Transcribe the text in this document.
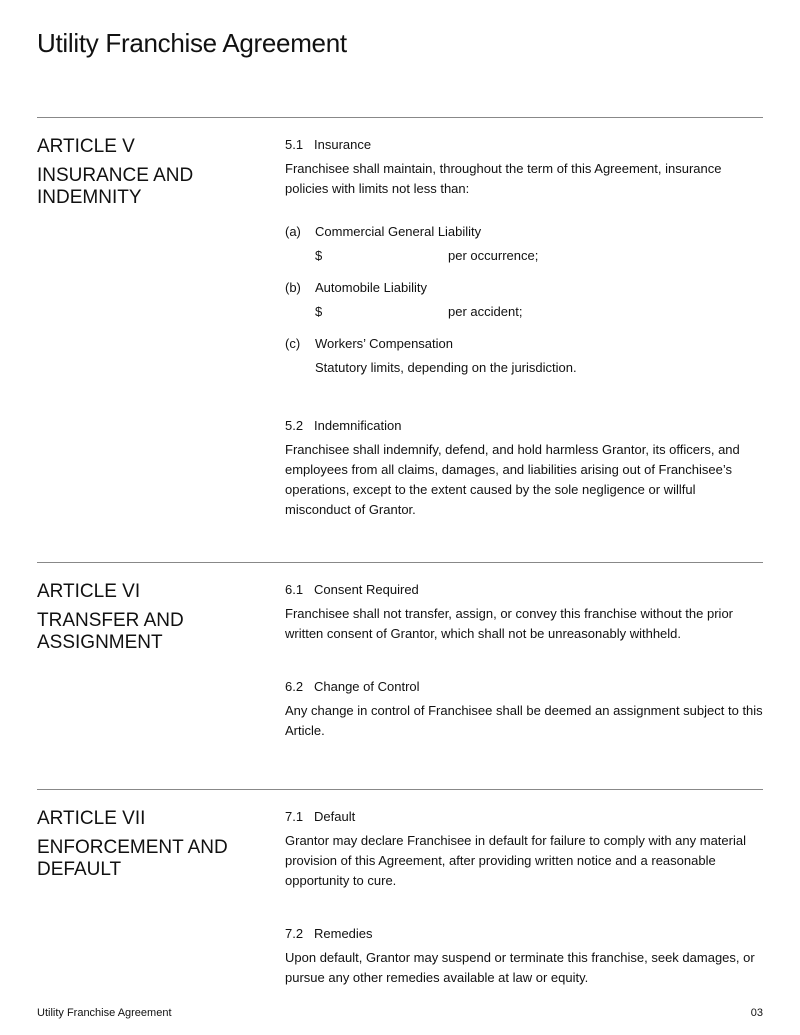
Utility Franchise Agreement

ARTICLE V

INSURANCE AND INDEMNITY

5.1 Insurance

Franchisee shall maintain, throughout the term of this Agreement, insurance policies with limits not less than:

(a) Commercial General Liability
$	per occurrence;
(b) Automobile Liability
$	per accident;
(c) Workers’ Compensation
Statutory limits, depending on the jurisdiction.

5.2 Indemnification

Franchisee shall indemnify, defend, and hold harmless Grantor, its officers, and employees from all claims, damages, and liabilities arising out of Franchisee’s operations, except to the extent caused by the sole negligence or willful misconduct of Grantor.

ARTICLE VI

TRANSFER AND ASSIGNMENT

6.1 Consent Required

Franchisee shall not transfer, assign, or convey this franchise without the prior written consent of Grantor, which shall not be unreasonably withheld.

6.2 Change of Control

Any change in control of Franchisee shall be deemed an assignment subject to this Article.

ARTICLE VII

ENFORCEMENT AND DEFAULT

7.1 Default

Grantor may declare Franchisee in default for failure to comply with any material provision of this Agreement, after providing written notice and a reasonable opportunity to cure.

7.2 Remedies

Upon default, Grantor may suspend or terminate this franchise, seek damages, or pursue any other remedies available at law or equity.

Utility Franchise Agreement	03
